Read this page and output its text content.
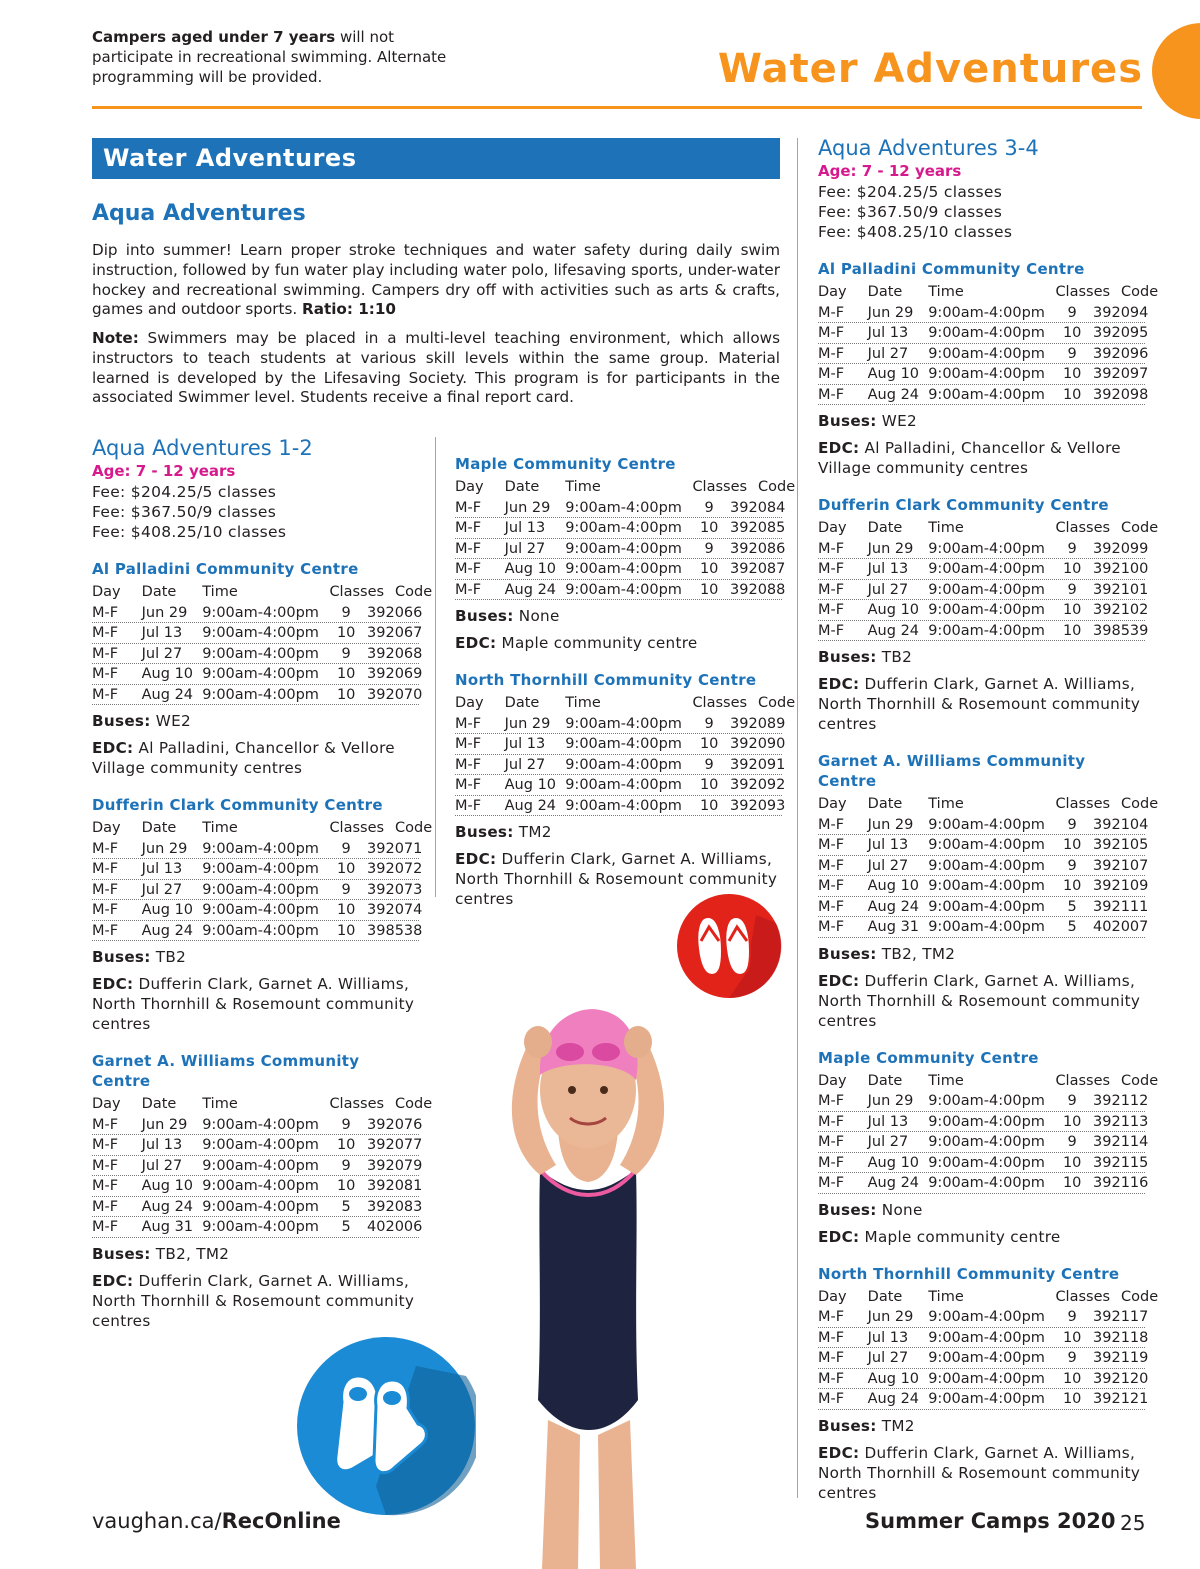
Campers aged under 7 years will not participate in recreational swimming. Alternate programming will be provided.	Water Adventures
Water Adventures
Aqua Adventures
Dip into summer! Learn proper stroke techniques and water safety during daily swim instruction, followed by fun water play including water polo, lifesaving sports, under-water hockey and recreational swimming. Campers dry off with activities such as arts & crafts, games and outdoor sports. Ratio: 1:10
Note: Swimmers may be placed in a multi-level teaching environment, which allows instructors to teach students at various skill levels within the same group. Material learned is developed by the Lifesaving Society. This program is for participants in the associated Swimmer level. Students receive a final report card.
Aqua Adventures 1-2
Age: 7 - 12 years
Fee: $204.25/5 classes
Fee: $367.50/9 classes
Fee: $408.25/10 classes
Al Palladini Community Centre
Day	Date	Time	Classes Code
M-F	Jun 29	9:00am-4:00pm	9	392066
M-F	Jul 13	9:00am-4:00pm	10 392067
M-F	Jul 27	9:00am-4:00pm	9	392068
M-F	Aug 10 9:00am-4:00pm	10 392069
M-F	Aug 24 9:00am-4:00pm	10 392070
Buses: WE2
EDC: Al Palladini, Chancellor & Vellore Village community centres
Dufferin Clark Community Centre
Day	Date	Time	Classes Code
M-F	Jun 29	9:00am-4:00pm	9	392071
M-F	Jul 13	9:00am-4:00pm	10 392072
M-F	Jul 27	9:00am-4:00pm	9	392073
M-F	Aug 10 9:00am-4:00pm	10 392074
M-F	Aug 24 9:00am-4:00pm	10 398538
Buses: TB2
EDC: Dufferin Clark, Garnet A. Williams, North Thornhill & Rosemount community centres
Garnet A. Williams Community Centre
Day	Date	Time	Classes Code
M-F	Jun 29	9:00am-4:00pm	9	392076
M-F	Jul 13	9:00am-4:00pm	10 392077
M-F	Jul 27	9:00am-4:00pm	9	392079
M-F	Aug 10 9:00am-4:00pm	10 392081
M-F	Aug 24 9:00am-4:00pm	5	392083
M-F	Aug 31 9:00am-4:00pm	5	402006
Buses: TB2, TM2
EDC: Dufferin Clark, Garnet A. Williams, North Thornhill & Rosemount community centres
Maple Community Centre
Day	Date	Time	Classes Code
M-F	Jun 29	9:00am-4:00pm	9	392084
M-F	Jul 13	9:00am-4:00pm	10 392085
M-F	Jul 27	9:00am-4:00pm	9	392086
M-F	Aug 10 9:00am-4:00pm	10 392087
M-F	Aug 24 9:00am-4:00pm	10 392088
Buses: None
EDC: Maple community centre
North Thornhill Community Centre
Day	Date	Time	Classes Code
M-F	Jun 29	9:00am-4:00pm	9	392089
M-F	Jul 13	9:00am-4:00pm	10 392090
M-F	Jul 27	9:00am-4:00pm	9	392091
M-F	Aug 10 9:00am-4:00pm	10 392092
M-F	Aug 24 9:00am-4:00pm	10 392093
Buses: TM2
EDC: Dufferin Clark, Garnet A. Williams, North Thornhill & Rosemount community centres
Aqua Adventures 3-4
Age: 7 - 12 years
Fee: $204.25/5 classes
Fee: $367.50/9 classes
Fee: $408.25/10 classes
Al Palladini Community Centre
Day	Date	Time	Classes Code
M-F	Jun 29	9:00am-4:00pm	9	392094
M-F	Jul 13	9:00am-4:00pm	10 392095
M-F	Jul 27	9:00am-4:00pm	9	392096
M-F	Aug 10 9:00am-4:00pm	10 392097
M-F	Aug 24 9:00am-4:00pm	10 392098
Buses: WE2
EDC: Al Palladini, Chancellor & Vellore Village community centres
Dufferin Clark Community Centre
Day	Date	Time	Classes Code
M-F	Jun 29	9:00am-4:00pm	9	392099
M-F	Jul 13	9:00am-4:00pm	10 392100
M-F	Jul 27	9:00am-4:00pm	9	392101
M-F	Aug 10 9:00am-4:00pm	10 392102
M-F	Aug 24 9:00am-4:00pm	10 398539
Buses: TB2
EDC: Dufferin Clark, Garnet A. Williams, North Thornhill & Rosemount community centres
Garnet A. Williams Community Centre
Day	Date	Time	Classes Code
M-F	Jun 29	9:00am-4:00pm	9	392104
M-F	Jul 13	9:00am-4:00pm	10 392105
M-F	Jul 27	9:00am-4:00pm	9	392107
M-F	Aug 10 9:00am-4:00pm	10 392109
M-F	Aug 24 9:00am-4:00pm	5	392111
M-F	Aug 31 9:00am-4:00pm	5	402007
Buses: TB2, TM2
EDC: Dufferin Clark, Garnet A. Williams, North Thornhill & Rosemount community centres
Maple Community Centre
Day	Date	Time	Classes Code
M-F	Jun 29	9:00am-4:00pm	9	392112
M-F	Jul 13	9:00am-4:00pm	10 392113
M-F	Jul 27	9:00am-4:00pm	9	392114
M-F	Aug 10 9:00am-4:00pm	10 392115
M-F	Aug 24 9:00am-4:00pm	10 392116
Buses: None
EDC: Maple community centre
North Thornhill Community Centre
Day	Date	Time	Classes Code
M-F	Jun 29	9:00am-4:00pm	9	392117
M-F	Jul 13	9:00am-4:00pm	10 392118
M-F	Jul 27	9:00am-4:00pm	9	392119
M-F	Aug 10 9:00am-4:00pm	10 392120
M-F	Aug 24 9:00am-4:00pm	10 392121
Buses: TM2
EDC: Dufferin Clark, Garnet A. Williams, North Thornhill & Rosemount community centres
vaughan.ca/RecOnline	Summer Camps 2020 25
